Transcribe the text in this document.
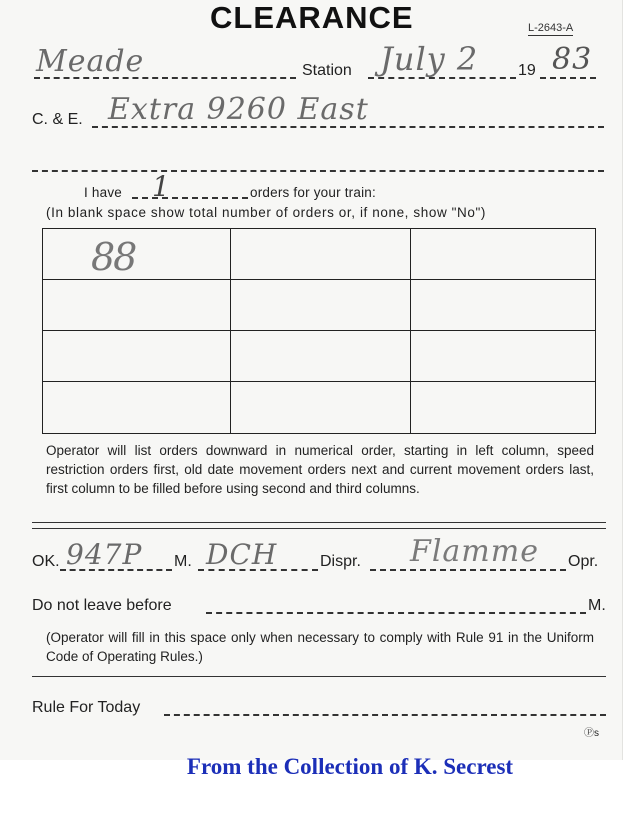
CLEARANCE	L-2643-A
Meade	Station July 2 19 83
C. & E. Extra 9260 East
I have 1	orders for your train:
(In blank space show total number of orders or, if none, show "No")
88
Operator will list orders downward in numerical order, starting in left column, speed restriction orders first, old date movement orders next and current movement orders last, first column to be filled before using second and third columns.
OK. 947P M. DCH	Dispr. Flamme Opr.
Do not leave before	M.
(Operator will fill in this space only when necessary to comply with Rule 91 in the Uniform Code of Operating Rules.)
Rule For Today
Ⓟs
From the Collection of K. Secrest
